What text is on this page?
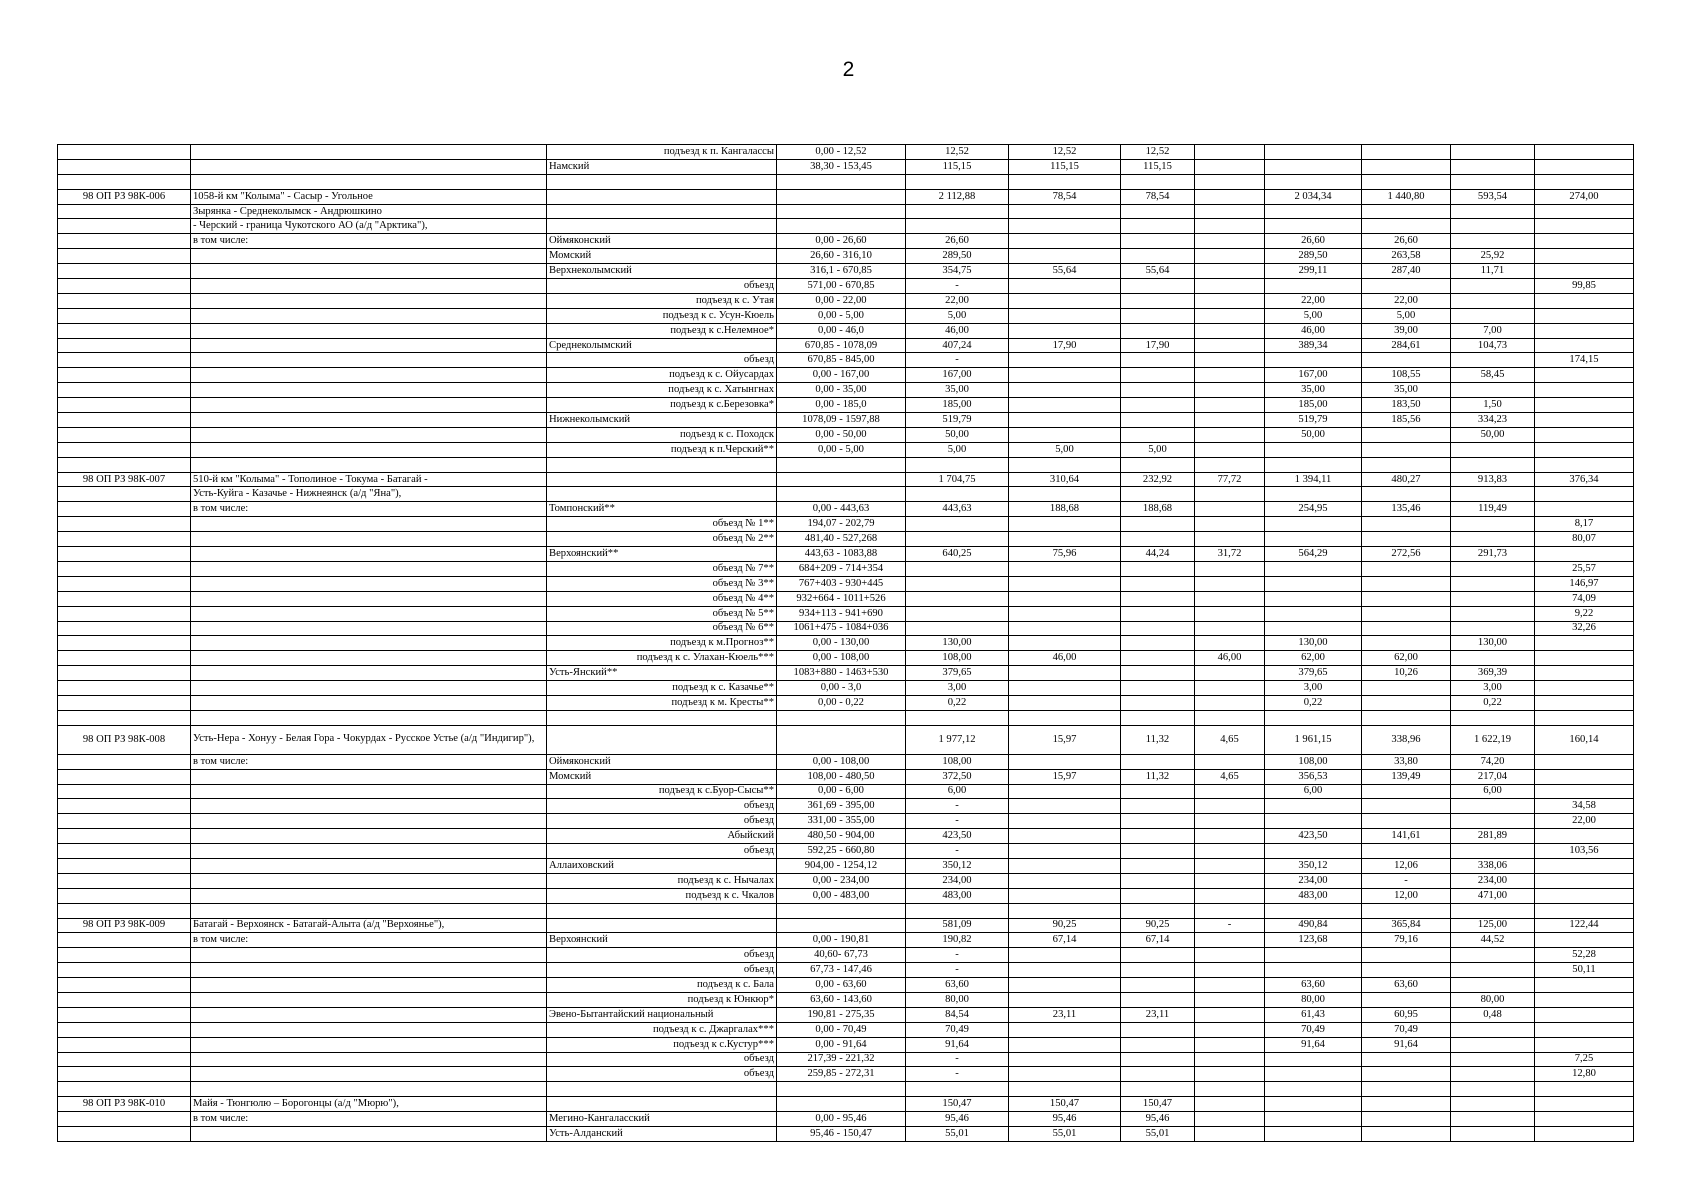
2
		подъезд к п. Кангалассы	0,00 - 12,52	12,52	12,52	12,52					
		Намский	38,30 - 153,45	115,15	115,15	115,15					

98 ОП РЗ 98К-006	1058-й км "Колыма" - Сасыр - Угольное			2 112,88	78,54	78,54		2 034,34	1 440,80	593,54	274,00
	Зырянка - Среднеколымск - Андрюшкино										
	- Черский - граница Чукотского АО (а/д "Арктика"),										
	в том числе:	Оймяконский	0,00 - 26,60	26,60				26,60	26,60		
		Момский	26,60 - 316,10	289,50				289,50	263,58	25,92	
		Верхнеколымский	316,1 - 670,85	354,75	55,64	55,64		299,11	287,40	11,71	
		объезд	571,00 - 670,85	-							99,85
		подъезд к с. Утая	0,00 - 22,00	22,00				22,00	22,00		
		подъезд к с. Усун-Кюель	0,00 - 5,00	5,00				5,00	5,00		
		подъезд к с.Нелемное*	0,00 - 46,0	46,00				46,00	39,00	7,00	
		Среднеколымский	670,85 - 1078,09	407,24	17,90	17,90		389,34	284,61	104,73	
		объезд	670,85 - 845,00	-							174,15
		подъезд к с. Ойусардах	0,00 - 167,00	167,00				167,00	108,55	58,45	
		подъезд к с. Хатынгнах	0,00 - 35,00	35,00				35,00	35,00		
		подъезд к с.Березовка*	0,00 - 185,0	185,00				185,00	183,50	1,50	
		Нижнеколымский	1078,09 - 1597,88	519,79				519,79	185,56	334,23	
		подъезд к с. Походск	0,00 - 50,00	50,00				50,00		50,00	
		подъезд к п.Черский**	0,00 - 5,00	5,00	5,00	5,00					

98 ОП РЗ 98К-007	510-й км "Колыма" - Тополиное - Токума - Батагай -			1 704,75	310,64	232,92	77,72	1 394,11	480,27	913,83	376,34
	Усть-Куйга - Казачье - Нижнеянск (а/д "Яна"),										
	в том числе:	Томпонский**	0,00 - 443,63	443,63	188,68	188,68		254,95	135,46	119,49	
		объезд № 1**	194,07 - 202,79								8,17
		объезд № 2**	481,40 - 527,268								80,07
		Верхоянский**	443,63 - 1083,88	640,25	75,96	44,24	31,72	564,29	272,56	291,73	
		объезд № 7**	684+209 - 714+354								25,57
		объезд № 3**	767+403 - 930+445								146,97
		объезд № 4**	932+664 - 1011+526								74,09
		объезд № 5**	934+113 - 941+690								9,22
		объезд № 6**	1061+475 - 1084+036								32,26
		подъезд к м.Прогноз**	0,00 - 130,00	130,00				130,00		130,00	
		подъезд к с. Улахан-Кюель***	0,00 - 108,00	108,00	46,00		46,00	62,00	62,00		
		Усть-Янский**	1083+880 - 1463+530	379,65				379,65	10,26	369,39	
		подъезд к с. Казачье**	0,00 - 3,0	3,00				3,00		3,00	
		подъезд к м. Кресты**	0,00 - 0,22	0,22				0,22		0,22	

98 ОП РЗ 98К-008	Усть-Нера - Хонуу - Белая Гора - Чокурдах - Русское Устье (а/д "Индигир"),			1 977,12	15,97	11,32	4,65	1 961,15	338,96	1 622,19	160,14
	в том числе:	Оймяконский	0,00 - 108,00	108,00				108,00	33,80	74,20	
		Момский	108,00 - 480,50	372,50	15,97	11,32	4,65	356,53	139,49	217,04	
		подъезд к с.Буор-Сысы**	0,00 - 6,00	6,00				6,00		6,00	
		объезд	361,69 - 395,00	-							34,58
		объезд	331,00 - 355,00	-							22,00
		Абыйский	480,50 - 904,00	423,50				423,50	141,61	281,89	
		объезд	592,25 - 660,80	-							103,56
		Аллаиховский	904,00 - 1254,12	350,12				350,12	12,06	338,06	
		подъезд к с. Нычалах	0,00 - 234,00	234,00				234,00	-	234,00	
		подъезд к с. Чкалов	0,00 - 483,00	483,00				483,00	12,00	471,00	

98 ОП РЗ 98К-009	Батагай - Верхоянск - Батагай-Алыта (а/д "Верхоянье"),			581,09	90,25	90,25	-	490,84	365,84	125,00	122,44
	в том числе:	Верхоянский	0,00 - 190,81	190,82	67,14	67,14		123,68	79,16	44,52	
		объезд	40,60- 67,73	-							52,28
		объезд	67,73 - 147,46	-							50,11
		подъезд к с. Бала	0,00 - 63,60	63,60				63,60	63,60		
		подъезд к Юнкюр*	63,60 - 143,60	80,00				80,00		80,00	
		Эвено-Бытантайский национальный	190,81 - 275,35	84,54	23,11	23,11		61,43	60,95	0,48	
		подъезд к с. Джаргалах***	0,00 - 70,49	70,49				70,49	70,49		
		подъезд к с.Кустур***	0,00 - 91,64	91,64				91,64	91,64		
		объезд	217,39 - 221,32	-							7,25
		объезд	259,85 - 272,31	-							12,80

98 ОП РЗ 98К-010	Майя - Тюнгюлю – Борогонцы (а/д "Мюрю"),			150,47	150,47	150,47					
	в том числе:	Мегино-Кангаласский	0,00 - 95,46	95,46	95,46	95,46					
		Усть-Алданский	95,46 - 150,47	55,01	55,01	55,01					
